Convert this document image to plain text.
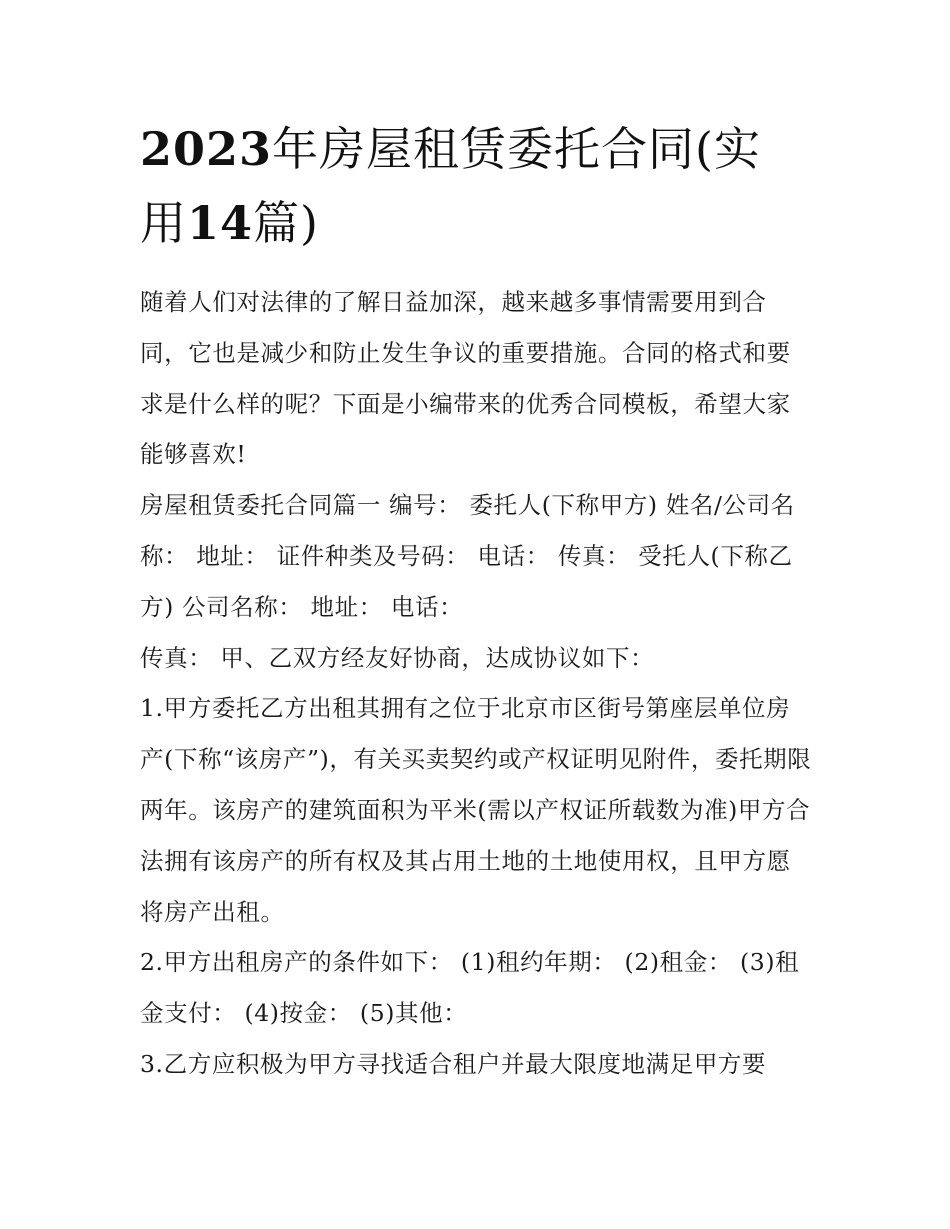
2023年房屋租赁委托合同(实用14篇)

随着人们对法律的了解日益加深，越来越多事情需要用到合同，它也是减少和防止发生争议的重要措施。合同的格式和要求是什么样的呢？下面是小编带来的优秀合同模板，希望大家能够喜欢!

房屋租赁委托合同篇一 编号： 委托人(下称甲方) 姓名/公司名称： 地址： 证件种类及号码： 电话： 传真： 受托人(下称乙方) 公司名称： 地址： 电话：

传真： 甲、乙双方经友好协商，达成协议如下：

1.甲方委托乙方出租其拥有之位于北京市区街号第座层单位房产(下称“该房产”)，有关买卖契约或产权证明见附件，委托期限两年。该房产的建筑面积为平米(需以产权证所载数为准)甲方合法拥有该房产的所有权及其占用土地的土地使用权，且甲方愿将房产出租。

2.甲方出租房产的条件如下： (1)租约年期： (2)租金： (3)租金支付： (4)按金： (5)其他：

3.乙方应积极为甲方寻找适合租户并最大限度地满足甲方要
